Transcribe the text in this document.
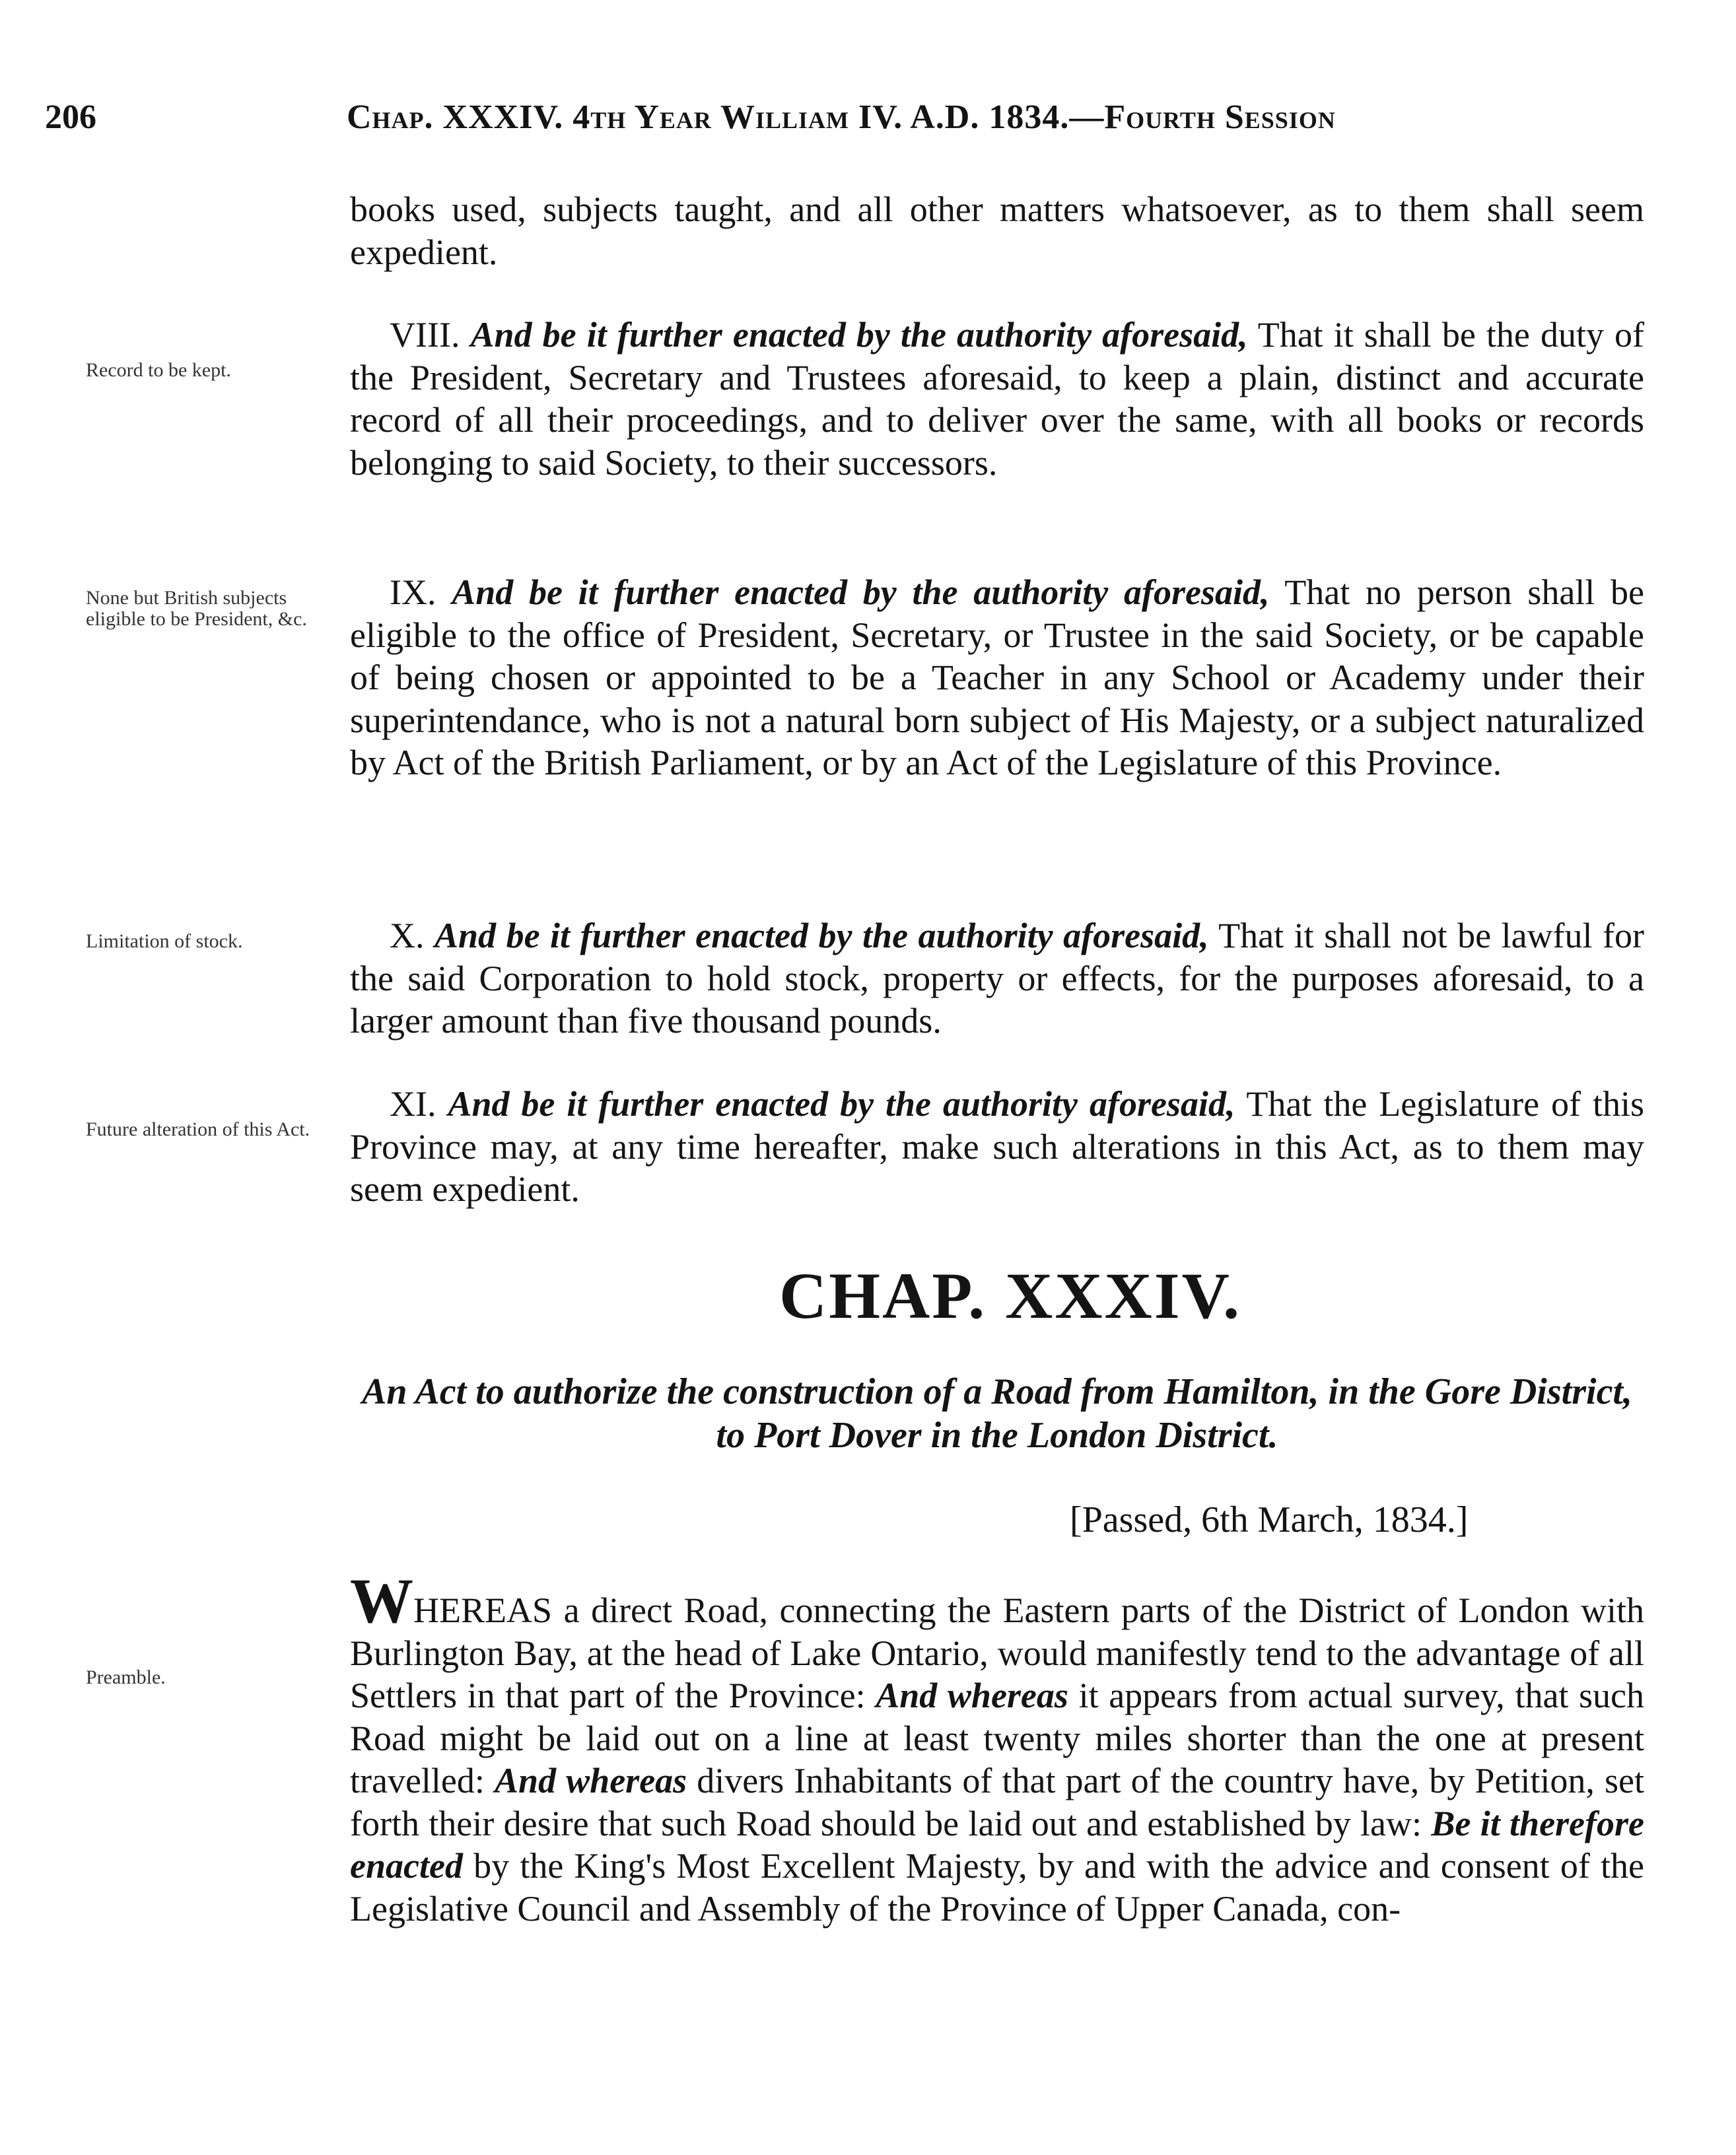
206	Chap. XXXIV. 4th Year William IV. A.D. 1834.—Fourth Session

books used, subjects taught, and all other matters whatsoever, as to them shall seem expedient.

Record to be kept.

VIII. And be it further enacted by the authority aforesaid, That it shall be the duty of the President, Secretary and Trustees aforesaid, to keep a plain, distinct and accurate record of all their proceedings, and to deliver over the same, with all books or records belonging to said Society, to their successors.

None but British subjects eligible to be President, &c.

IX. And be it further enacted by the authority aforesaid, That no person shall be eligible to the office of President, Secretary, or Trustee in the said Society, or be capable of being chosen or appointed to be a Teacher in any School or Academy under their superintendance, who is not a natural born subject of His Majesty, or a subject naturalized by Act of the British Parliament, or by an Act of the Legislature of this Province.

Limitation of stock.	X. And be it further enacted by the authority aforesaid, That it shall not be lawful for the said Corporation to hold stock, property or effects, for the purposes aforesaid, to a larger amount than five thousand pounds.

Future alteration of this Act.

XI. And be it further enacted by the authority aforesaid, That the Legislature of this Province may, at any time hereafter, make such alterations in this Act, as to them may seem expedient.

CHAP. XXXIV.

An Act to authorize the construction of a Road from Hamilton, in the Gore District, to Port Dover in the London District.

[Passed, 6th March, 1834.]
Preamble.

WHEREAS a direct Road, connecting the Eastern parts of the District of London with Burlington Bay, at the head of Lake Ontario, would manifestly tend to the advantage of all Settlers in that part of the Province: And whereas it appears from actual survey, that such Road might be laid out on a line at least twenty miles shorter than the one at present travelled: And whereas divers Inhabitants of that part of the country have, by Petition, set forth their desire that such Road should be laid out and established by law: Be it therefore enacted by the King's Most Excellent Majesty, by and with the advice and consent of the Legislative Council and Assembly of the Province of Upper Canada, con-
